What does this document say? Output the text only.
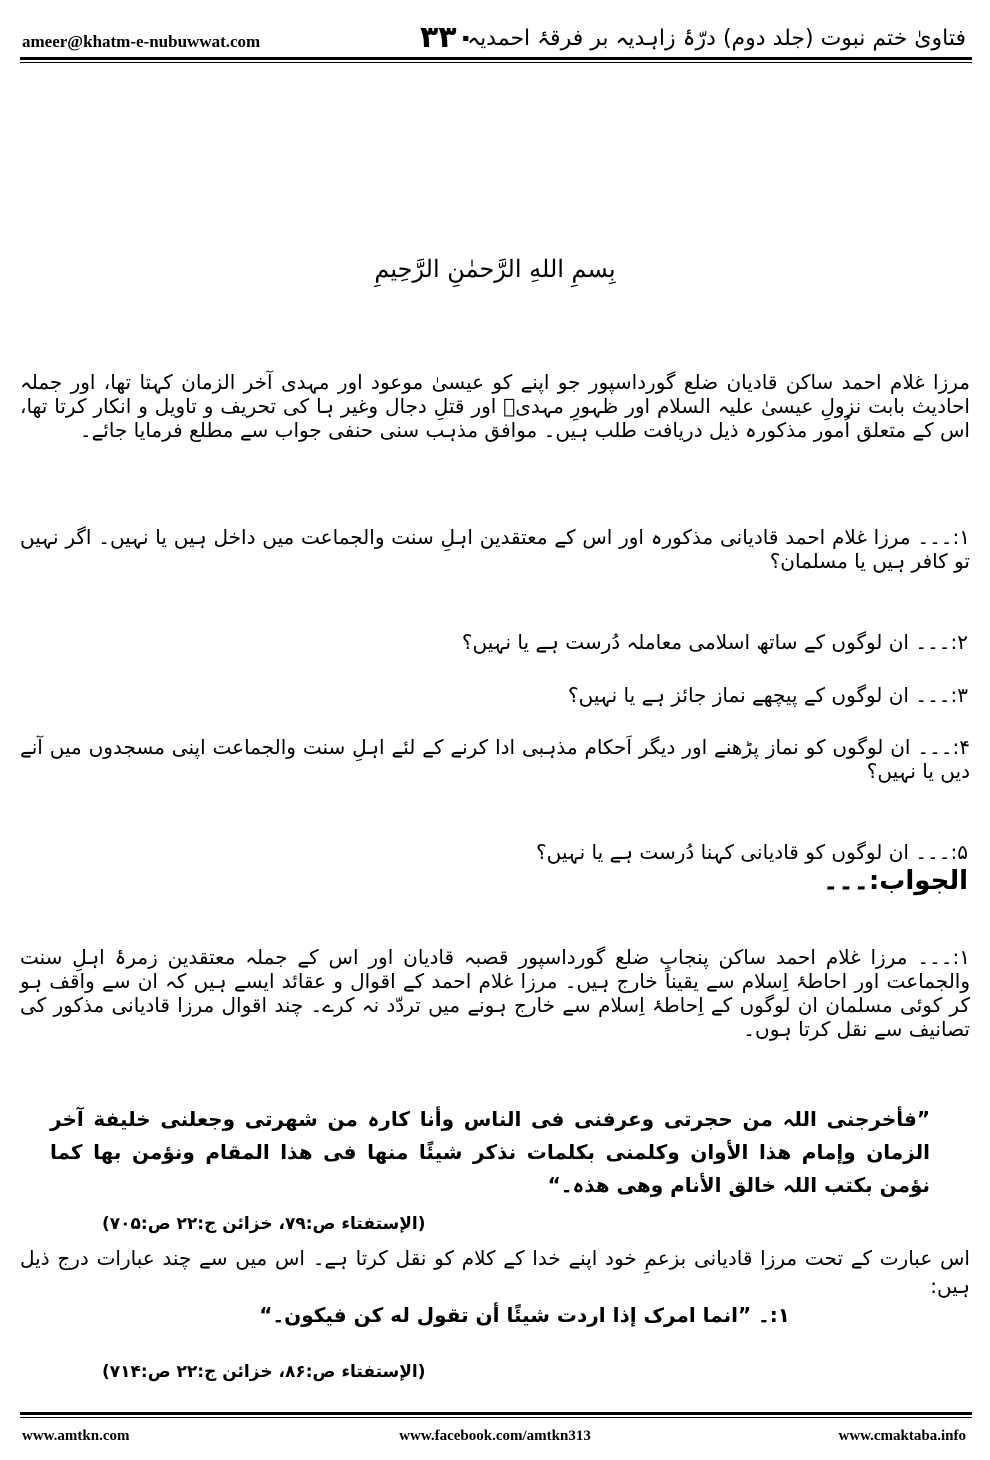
ameer@khatm-e-nubuwwat.com	۳۳۰
فتاویٰ ختم نبوت (جلد دوم) درّۂ زاہدیہ بر فرقۂ احمدیہ
بِسمِ اللهِ الرَّحمٰنِ الرَّحِیمِ
مرزا غلام احمد ساکن قادیان ضلع گورداسپور جو اپنے کو عیسیٰ موعود اور مہدی آخر الزمان کہتا تھا، اور جملہ احادیث بابت نزولِ عیسیٰ علیہ السلام اور ظہورِ مہدیؓ اور قتلِ دجال وغیر ہا کی تحریف و تاویل و انکار کرتا تھا، اس کے متعلق اُمور مذکورہ ذیل دریافت طلب ہیں۔ موافق مذہب سنی حنفی جواب سے مطلع فرمایا جائے۔
۱:۔۔۔ مرزا غلام احمد قادیانی مذکورہ اور اس کے معتقدین اہلِ سنت والجماعت میں داخل ہیں یا نہیں۔ اگر نہیں تو کافر ہیں یا مسلمان؟
۲:۔۔۔ ان لوگوں کے ساتھ اسلامی معاملہ دُرست ہے یا نہیں؟
۳:۔۔۔ ان لوگوں کے پیچھے نماز جائز ہے یا نہیں؟
۴:۔۔۔ ان لوگوں کو نماز پڑھنے اور دیگر اَحکام مذہبی ادا کرنے کے لئے اہلِ سنت والجماعت اپنی مسجدوں میں آنے دیں یا نہیں؟
۵:۔۔۔ ان لوگوں کو قادیانی کہنا دُرست ہے یا نہیں؟
الجواب:۔۔۔
۱:۔۔۔ مرزا غلام احمد ساکن پنجاب ضلع گورداسپور قصبہ قادیان اور اس کے جملہ معتقدین زمرۂ اہلِ سنت والجماعت اور احاطۂ اِسلام سے یقیناً خارج ہیں۔ مرزا غلام احمد کے اقوال و عقائد ایسے ہیں کہ ان سے واقف ہو کر کوئی مسلمان ان لوگوں کے اِحاطۂ اِسلام سے خارج ہونے میں تردّد نہ کرے۔ چند اقوال مرزا قادیانی مذکور کی تصانیف سے نقل کرتا ہوں۔
”فأخرجنی اللہ من حجرتی وعرفنی فی الناس وأنا کارہ من شهرتی وجعلنی خلیفة آخر الزمان وإمام هذا الأوان وکلمنی بکلمات نذکر شیئًا منها فی هذا المقام ونؤمن بها کما نؤمن بکتب اللہ خالق الأنام وهی هذہ۔“
(الإستفتاء ص:۷۹، خزائن ج:۲۲ ص:۷۰۵)
اس عبارت کے تحت مرزا قادیانی بزعمِ خود اپنے خدا کے کلام کو نقل کرتا ہے۔ اس میں سے چند عبارات درج ذیل ہیں:
۱:۔ ”انما امرک إذا اردت شیئًا أن تقول له کن فیکون۔“
(الإستفتاء ص:۸۶، خزائن ج:۲۲ ص:۷۱۴)
www.amtkn.com	www.facebook.com/amtkn313	www.cmaktaba.info
